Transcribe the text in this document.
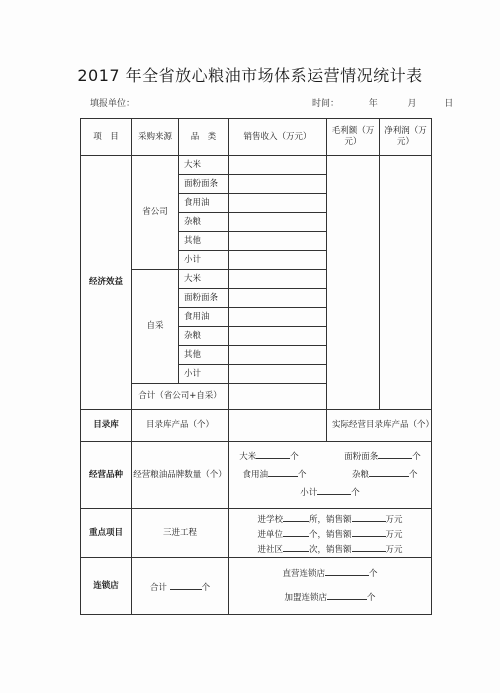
2017 年全省放心粮油市场体系运营情况统计表
填报单位：	时间：	年	月	日
项　目	采购来源	品　类	销售收入（万元）	毛利额（万元）	净利润（万元）
经济效益	省公司	大米			
		面粉面条			
		食用油			
		杂粮			
		其他			
		小计			
	自采	大米			
		面粉面条			
		食用油			
		杂粮			
		其他			
		小计			
	合计（省公司+自采）				
目录库	目录库产品（个）			实际经营目录库产品（个）	
经营品种	经营粮油品牌数量（个）		大米 个 面粉面条 个
食用油 个 杂粮 个
小计 个		

重点项目	三进工程		进学校 所，销售额 万元
进单位 个，销售额 万元
进社区 次，销售额 万元		

连锁店	合计 个		直营连锁店 个
加盟连锁店 个		
